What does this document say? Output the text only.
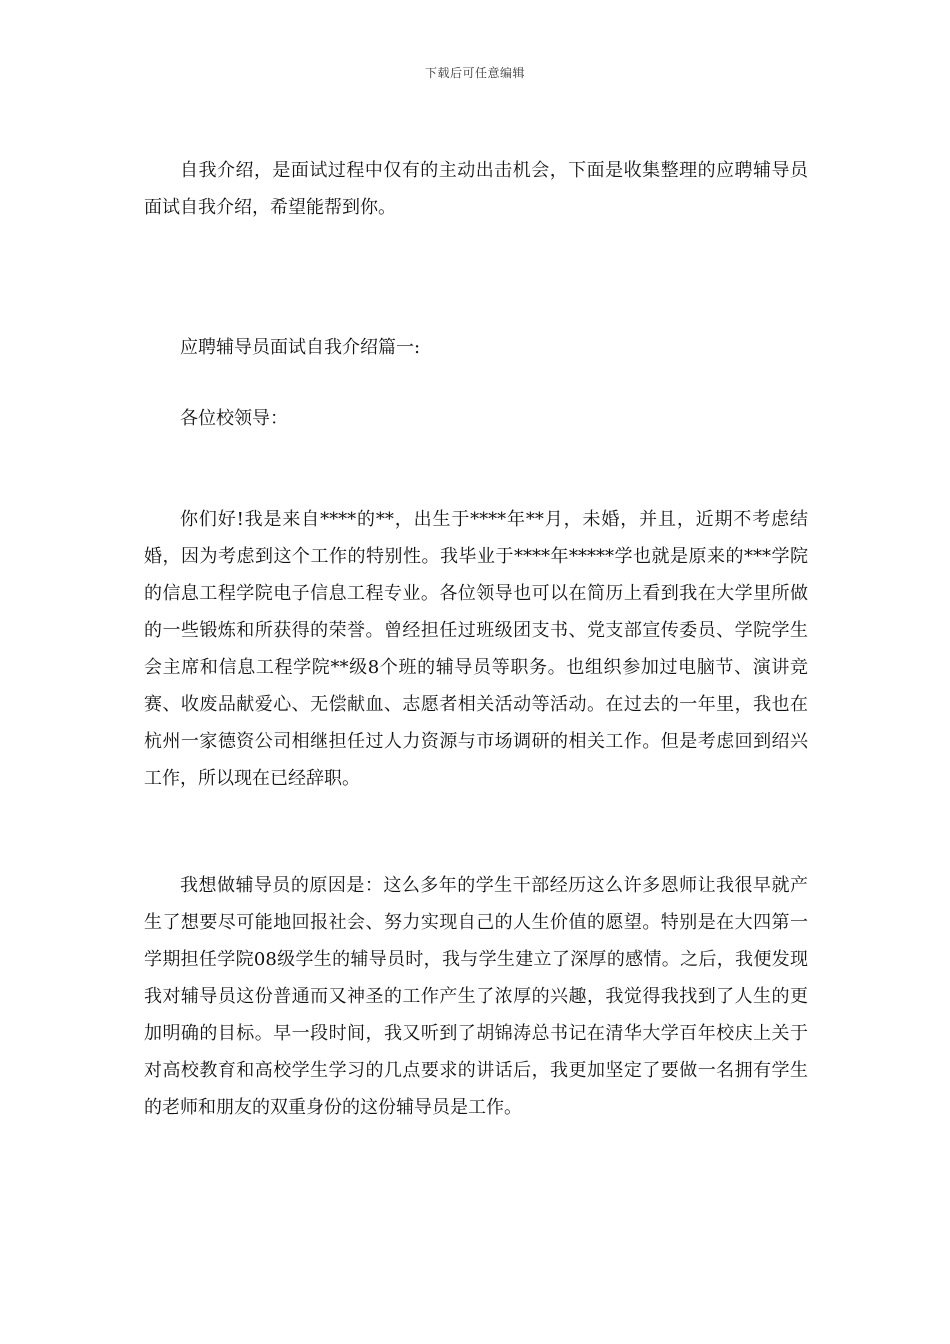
下载后可任意编辑

自我介绍，是面试过程中仅有的主动出击机会，下面是收集整理的应聘辅导员面试自我介绍，希望能帮到你。

应聘辅导员面试自我介绍篇一:

各位校领导：

你们好!我是来自****的**，出生于****年**月，未婚，并且，近期不考虑结婚，因为考虑到这个工作的特别性。我毕业于****年*****学也就是原来的***学院的信息工程学院电子信息工程专业。各位领导也可以在简历上看到我在大学里所做的一些锻炼和所获得的荣誉。曾经担任过班级团支书、党支部宣传委员、学院学生会主席和信息工程学院**级8个班的辅导员等职务。也组织参加过电脑节、演讲竞赛、收废品献爱心、无偿献血、志愿者相关活动等活动。在过去的一年里，我也在杭州一家德资公司相继担任过人力资源与市场调研的相关工作。但是考虑回到绍兴工作，所以现在已经辞职。

我想做辅导员的原因是：这么多年的学生干部经历这么许多恩师让我很早就产生了想要尽可能地回报社会、努力实现自己的人生价值的愿望。特别是在大四第一学期担任学院08级学生的辅导员时，我与学生建立了深厚的感情。之后，我便发现我对辅导员这份普通而又神圣的工作产生了浓厚的兴趣，我觉得我找到了人生的更加明确的目标。早一段时间，我又听到了胡锦涛总书记在清华大学百年校庆上关于对高校教育和高校学生学习的几点要求的讲话后，我更加坚定了要做一名拥有学生的老师和朋友的双重身份的这份辅导员是工作。
